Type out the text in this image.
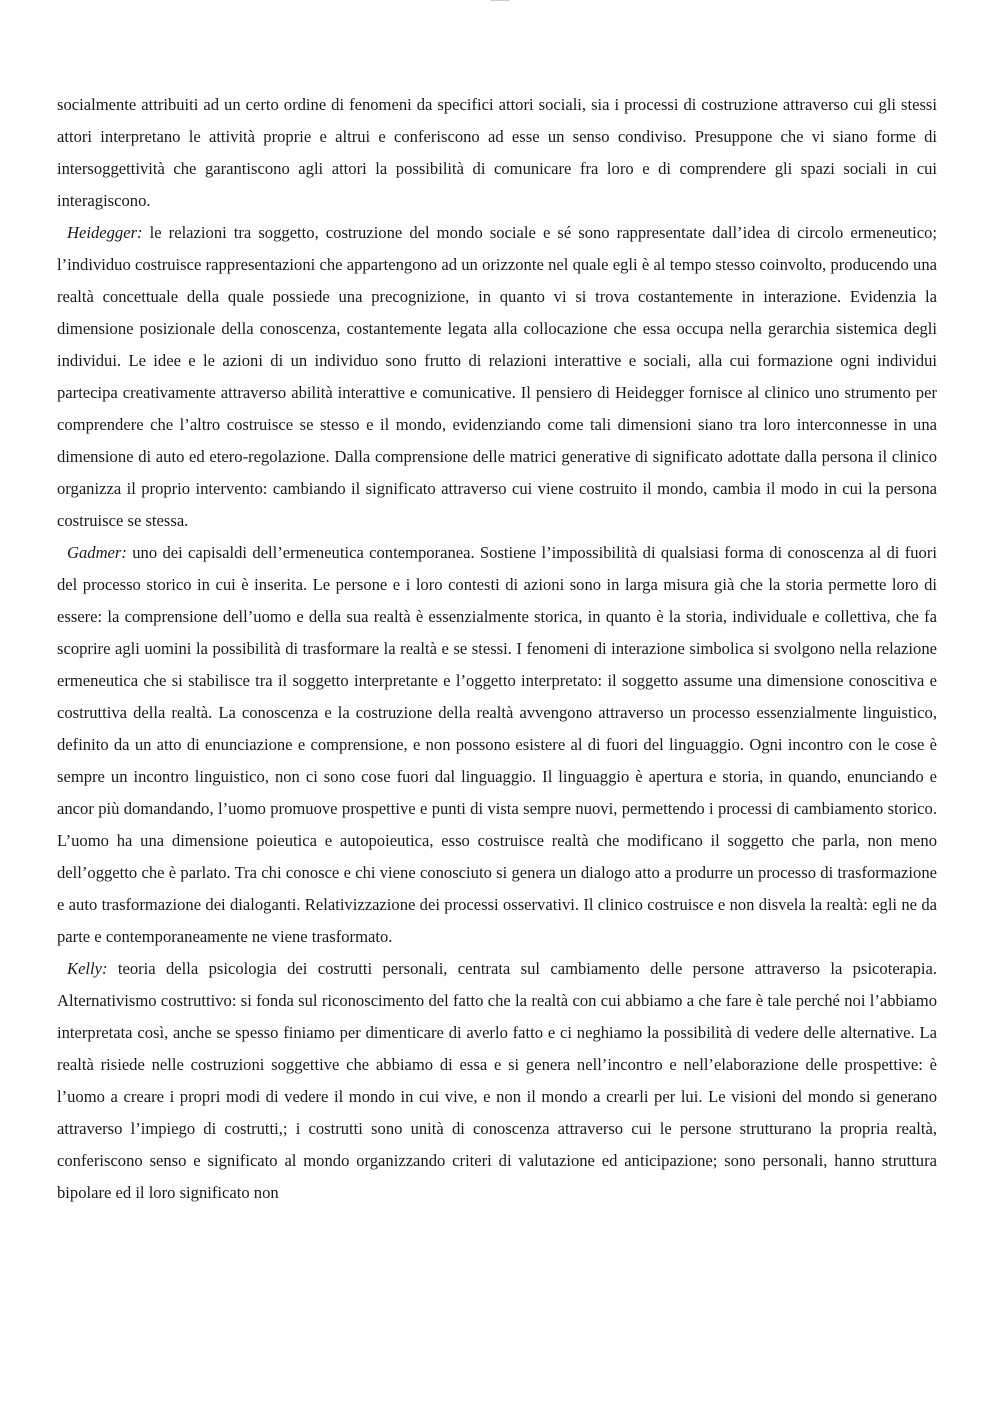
socialmente attribuiti ad un certo ordine di fenomeni da specifici attori sociali, sia i processi di costruzione attraverso cui gli stessi attori interpretano le attività proprie e altrui e conferiscono ad esse un senso condiviso. Presuppone che vi siano forme di intersoggettività che garantiscono agli attori la possibilità di comunicare fra loro e di comprendere gli spazi sociali in cui interagiscono.

Heidegger: le relazioni tra soggetto, costruzione del mondo sociale e sé sono rappresentate dall’idea di circolo ermeneutico; l’individuo costruisce rappresentazioni che appartengono ad un orizzonte nel quale egli è al tempo stesso coinvolto, producendo una realtà concettuale della quale possiede una precognizione, in quanto vi si trova costantemente in interazione. Evidenzia la dimensione posizionale della conoscenza, costantemente legata alla collocazione che essa occupa nella gerarchia sistemica degli individui. Le idee e le azioni di un individuo sono frutto di relazioni interattive e sociali, alla cui formazione ogni individui partecipa creativamente attraverso abilità interattive e comunicative. Il pensiero di Heidegger fornisce al clinico uno strumento per comprendere che l’altro costruisce se stesso e il mondo, evidenziando come tali dimensioni siano tra loro interconnesse in una dimensione di auto ed etero-regolazione. Dalla comprensione delle matrici generative di significato adottate dalla persona il clinico organizza il proprio intervento: cambiando il significato attraverso cui viene costruito il mondo, cambia il modo in cui la persona costruisce se stessa.

Gadmer: uno dei capisaldi dell’ermeneutica contemporanea. Sostiene l’impossibilità di qualsiasi forma di conoscenza al di fuori del processo storico in cui è inserita. Le persone e i loro contesti di azioni sono in larga misura già che la storia permette loro di essere: la comprensione dell’uomo e della sua realtà è essenzialmente storica, in quanto è la storia, individuale e collettiva, che fa scoprire agli uomini la possibilità di trasformare la realtà e se stessi. I fenomeni di interazione simbolica si svolgono nella relazione ermeneutica che si stabilisce tra il soggetto interpretante e l’oggetto interpretato: il soggetto assume una dimensione conoscitiva e costruttiva della realtà. La conoscenza e la costruzione della realtà avvengono attraverso un processo essenzialmente linguistico, definito da un atto di enunciazione e comprensione, e non possono esistere al di fuori del linguaggio. Ogni incontro con le cose è sempre un incontro linguistico, non ci sono cose fuori dal linguaggio. Il linguaggio è apertura e storia, in quando, enunciando e ancor più domandando, l’uomo promuove prospettive e punti di vista sempre nuovi, permettendo i processi di cambiamento storico. L’uomo ha una dimensione poieutica e autopoieutica, esso costruisce realtà che modificano il soggetto che parla, non meno dell’oggetto che è parlato. Tra chi conosce e chi viene conosciuto si genera un dialogo atto a produrre un processo di trasformazione e auto trasformazione dei dialoganti. Relativizzazione dei processi osservativi. Il clinico costruisce e non disvela la realtà: egli ne da parte e contemporaneamente ne viene trasformato.

Kelly: teoria della psicologia dei costrutti personali, centrata sul cambiamento delle persone attraverso la psicoterapia. Alternativismo costruttivo: si fonda sul riconoscimento del fatto che la realtà con cui abbiamo a che fare è tale perché noi l’abbiamo interpretata così, anche se spesso finiamo per dimenticare di averlo fatto e ci neghiamo la possibilità di vedere delle alternative. La realtà risiede nelle costruzioni soggettive che abbiamo di essa e si genera nell’incontro e nell’elaborazione delle prospettive: è l’uomo a creare i propri modi di vedere il mondo in cui vive, e non il mondo a crearli per lui. Le visioni del mondo si generano attraverso l’impiego di costrutti,; i costrutti sono unità di conoscenza attraverso cui le persone strutturano la propria realtà, conferiscono senso e significato al mondo organizzando criteri di valutazione ed anticipazione; sono personali, hanno struttura bipolare ed il loro significato non
